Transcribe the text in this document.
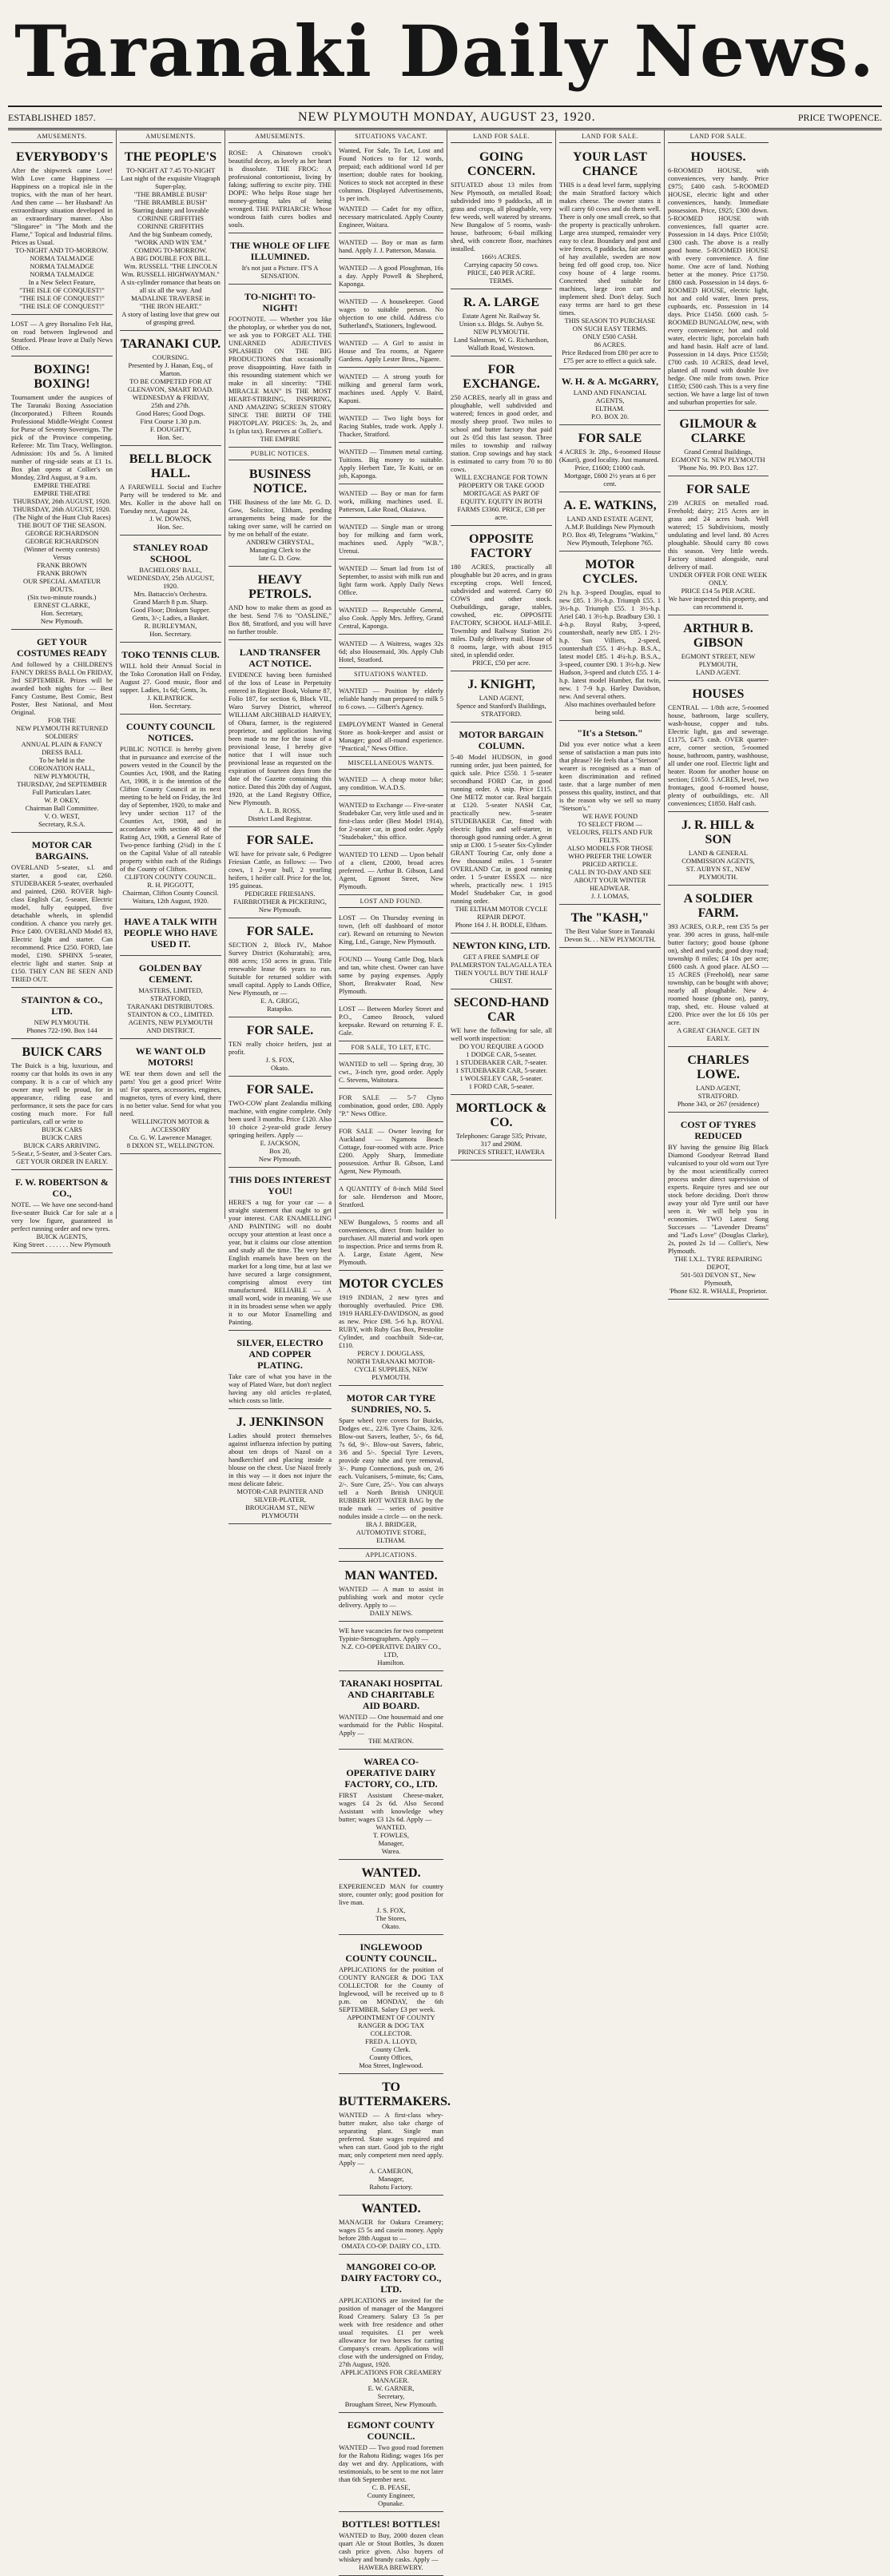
Taranaki Daily News.
ESTABLISHED 1857.	NEW PLYMOUTH MONDAY, AUGUST 23, 1920.	PRICE TWOPENCE.
AMUSEMENTS.
EVERYBODY'S
After the shipwreck came Love! With Love came Happiness — Happiness on a tropical isle in the tropics, with the man of her heart. And then came — her Husband! An extraordinary situation developed in an extraordinary manner. Also "Slingaree" in "The Moth and the Flame," Topical and Industrial films. Prices as Usual.
TO-NIGHT AND TO-MORROW.
NORMA TALMADGE
NORMA TALMADGE
NORMA TALMADGE
In a New Select Feature,
"THE ISLE OF CONQUEST!"
"THE ISLE OF CONQUEST!"
"THE ISLE OF CONQUEST!"
LOST — A grey Borsalino Felt Hat, on road between Inglewood and Stratford. Please leave at Daily News Office.
BOXING! BOXING!
Tournament under the auspices of The Taranaki Boxing Association (Incorporated.) Fifteen Rounds Professional Middle-Weight Contest for Purse of Seventy Sovereigns. The pick of the Province competing. Referee: Mr. Tim Tracy, Wellington. Admission: 10s and 5s. A limited number of ring-side seats at £1 1s. Box plan opens at Collier's on Monday, 23rd August, at 9 a.m.
EMPIRE THEATRE
EMPIRE THEATRE
THURSDAY, 26th AUGUST, 1920.
THURSDAY, 26th AUGUST, 1920.
(The Night of the Hunt Club Races)
THE BOUT OF THE SEASON.
GEORGE RICHARDSON
GEORGE RICHARDSON
(Winner of twenty contests)
Versus
FRANK BROWN
FRANK BROWN
OUR SPECIAL AMATEUR BOUTS.
(Six two-minute rounds.)
ERNEST CLARKE,
Hon. Secretary,
New Plymouth.
GET YOUR COSTUMES READY
And followed by a CHILDREN'S FANCY DRESS BALL On FRIDAY, 3rd SEPTEMBER. Prizes will be awarded both nights for — Best Fancy Costume, Best Comic, Best Poster, Best National, and Most Original.
FOR THE
NEW PLYMOUTH RETURNED
SOLDIERS'
ANNUAL PLAIN & FANCY
DRESS BALL
To be held in the
CORONATION HALL,
NEW PLYMOUTH,
THURSDAY, 2nd SEPTEMBER
Full Particulars Later.
W. P. OKEY,
Chairman Ball Committee.
V. O. WEST,
Secretary, R.S.A.
MOTOR CAR BARGAINS.
OVERLAND 5-seater, s.l. and starter, a good car, £260. STUDEBAKER 5-seater, overhauled and painted, £260. ROVER high-class English Car, 5-seater, Electric model, fully equipped, five detachable wheels, in splendid condition. A chance you rarely get. Price £400. OVERLAND Model 83, Electric light and starter. Can recommend. Price £250. FORD, late model, £190. SPHINX 5-seater, electric light and starter. Snip at £150. THEY CAN BE SEEN AND TRIED OUT.
STAINTON & CO., LTD.
NEW PLYMOUTH.
Phones 722-190. Box 144
BUICK CARS
The Buick is a big, luxurious, and roomy car that holds its own in any company. It is a car of which any owner may well be proud, for in appearance, riding ease and performance, it sets the pace for cars costing much more. For full particulars, call or write to
BUICK CARS
BUICK CARS
BUICK CARS ARRIVING.
5-Seat.r, 5-Seater, and 3-Seater Cars.
GET YOUR ORDER IN EARLY.
F. W. ROBERTSON & CO.,
NOTE. — We have one second-hand five-seater Buick Car for sale at a very low figure, guaranteed in perfect running order and new tyres.
BUICK AGENTS,
King Street . . . . . . . New Plymouth
AMUSEMENTS.
THE PEOPLE'S
TO-NIGHT AT 7.45 TO-NIGHT
Last night of the exquisite Vitagraph Super-play,
"THE BRAMBLE BUSH"
"THE BRAMBLE BUSH"
Starring dainty and loveable
CORINNE GRIFFITHS
CORINNE GRIFFITHS
And the big Sunbeam comedy,
"WORK AND WIN 'EM."
COMING TO-MORROW.
A BIG DOUBLE FOX BILL.
Wm. RUSSELL "THE LINCOLN
Wm. RUSSELL HIGHWAYMAN."
A six-cylinder romance that beats on all six all the way. And
MADALINE TRAVERSE in
"THE IRON HEART."
A story of lasting love that grew out of grasping greed.
TARANAKI CUP.
COURSING.
Presented by J. Hanan, Esq., of Marton.
TO BE COMPETED FOR AT
GLENAVON, SMART ROAD.
WEDNESDAY & FRIDAY,
25th and 27th.
Good Hares; Good Dogs.
First Course 1.30 p.m.
F. DOUGHTY,
Hon. Sec.
BELL BLOCK HALL.
A FAREWELL Social and Euchre Party will be tendered to Mr. and Mrs. Koller in the above hall on Tuesday next, August 24.
J. W. DOWNS,
Hon. Sec.
STANLEY ROAD SCHOOL
BACHELORS' BALL,
WEDNESDAY, 25th AUGUST, 1920.
Mrs. Battaccio's Orchestra.
Grand March 8 p.m. Sharp.
Good Floor; Dinkum Supper.
Gents, 3/-; Ladies, a Basket.
R. BURLEYMAN,
Hon. Secretary.
TOKO TENNIS CLUB.
WILL hold their Annual Social in the Toko Coronation Hall on Friday, August 27. Good music, floor and supper. Ladies, 1s 6d; Gents, 3s.
J. KILPATRICK.
Hon. Secretary.
COUNTY COUNCIL NOTICES.
PUBLIC NOTICE is hereby given that in pursuance and exercise of the powers vested in the Council by the Counties Act, 1908, and the Rating Act, 1908, it is the intention of the Clifton County Council at its next meeting to be held on Friday, the 3rd day of September, 1920, to make and levy under section 117 of the Counties Act, 1908, and in accordance with section 48 of the Rating Act, 1908, a General Rate of Two-pence farthing (2¼d) in the £ on the Capital Value of all rateable property within each of the Ridings of the County of Clifton.
CLIFTON COUNTY COUNCIL.
R. H. PIGGOTT,
Chairman, Clifton County Council.
Waitara, 12th August, 1920.
HAVE A TALK WITH PEOPLE WHO HAVE USED IT.
GOLDEN BAY CEMENT.
MASTERS, LIMITED,
STRATFORD,
TARANAKI DISTRIBUTORS.
STAINTON & CO., LIMITED.
AGENTS, NEW PLYMOUTH
AND DISTRICT.
WE WANT OLD MOTORS!
WE tear them down and sell the parts! You get a good price! Write us! For spares, accessories, engines, magnetos, tyres of every kind, there is no better value. Send for what you need.
WELLINGTON MOTOR & ACCESSORY
Co. G. W. Lawrence Manager.
8 DIXON ST., WELLINGTON.
AMUSEMENTS.
ROSE: A Chinatown crook's beautiful decoy, as lovely as her heart is dissolute. THE FROG: A professional contortionist, living by faking; suffering to excite pity. THE DOPE: Who helps Rose stage her money-getting tales of being wronged. THE PATRIARCH: Whose wondrous faith cures bodies and souls.
THE WHOLE OF LIFE ILLUMINED.
It's not just a Picture. IT'S A SENSATION.
TO-NIGHT! TO-NIGHT!
FOOTNOTE. — Whether you like the photoplay, or whether you do not, we ask you to FORGET ALL THE UNEARNED ADJECTIVES SPLASHED ON THE BIG PRODUCTIONS that occasionally prove disappointing. Have faith in this resounding statement which we make in all sincerity: "THE MIRACLE MAN" IS THE MOST HEART-STIRRING, INSPIRING, AND AMAZING SCREEN STORY SINCE THE BIRTH OF THE PHOTOPLAY. PRICES: 3s, 2s, and 1s (plus tax). Reserves at Collier's.
THE EMPIRE
PUBLIC NOTICES.
BUSINESS NOTICE.
THE Business of the late Mr. G. D. Gow, Solicitor, Eltham, pending arrangements being made for the taking over same, will be carried on by me on behalf of the estate.
ANDREW CHRYSTAL,
Managing Clerk to the
late G. D. Gow.
HEAVY PETROLS.
AND how to make them as good as the best. Send 7/6 to "OASLINE," Box 88, Stratford, and you will have no further trouble.
LAND TRANSFER ACT NOTICE.
EVIDENCE having been furnished of the loss of Lease in Perpetuity entered in Register Book, Volume 87, Folio 187, for section 6, Block VII., Waro Survey District, whereof WILLIAM ARCHIBALD HARVEY, of Ohura, farmer, is the registered proprietor, and application having been made to me for the issue of a provisional lease, I hereby give notice that I will issue such provisional lease as requested on the expiration of fourteen days from the date of the Gazette containing this notice. Dated this 20th day of August, 1920, at the Land Registry Office, New Plymouth.
A. L. B. ROSS,
District Land Registrar.
FOR SALE.
WE have for private sale, 6 Pedigree Friesian Cattle, as follows: — Two cows, 1 2-year bull, 2 yearling heifers, 1 heifer calf. Price for the lot, 195 guineas.
PEDIGREE FRIESIANS.
FAIRBROTHER & PICKERING,
New Plymouth.
FOR SALE.
SECTION 2, Block IV., Mahoe Survey District (Kohuratahi); area, 808 acres; 150 acres in grass. Title renewable lease 66 years to run. Suitable for returned soldier with small capital. Apply to Lands Office, New Plymouth, or —
E. A. GRIGG,
Ratapiko.
FOR SALE.
TEN really choice heifers, just at profit.
J. S. FOX,
Okato.
FOR SALE.
TWO-COW plant Zealandia milking machine, with engine complete. Only been used 3 months. Price £120. Also 10 choice 2-year-old grade Jersey springing heifers. Apply —
E. JACKSON,
Box 20,
New Plymouth.
THIS DOES INTEREST YOU!
HERE'S a tug for your car — a straight statement that ought to get your interest. CAR ENAMELLING AND PAINTING will no doubt occupy your attention at least once a year, but it claims our close attention and study all the time. The very best English enamels have been on the market for a long time, but at last we have secured a large consignment, comprising almost every tint manufactured. RELIABLE — A small word, wide in meaning. We use it in its broadest sense when we apply it to our Motor Enamelling and Painting.
SILVER, ELECTRO AND COPPER PLATING.
Take care of what you have in the way of Plated Ware, but don't neglect having any old articles re-plated, which costs so little.
J. JENKINSON
Ladies should protect themselves against influenza infection by putting about ten drops of Nazol on a handkerchief and placing inside a blouse on the chest. Use Nazol freely in this way — it does not injure the most delicate fabric.
MOTOR-CAR PAINTER AND SILVER-PLATER,
BROUGHAM ST., NEW PLYMOUTH
SITUATIONS VACANT.
Wanted, For Sale, To Let, Lost and Found Notices to for 12 words, prepaid; each additional word 1d per insertion; double rates for booking. Notices to stock not accepted in these columns. Displayed Advertisements, 1s per inch.
WANTED — Cadet for my office, necessary matriculated. Apply County Engineer, Waitara.
WANTED — Boy or man as farm hand. Apply J. J. Patterson, Manaia.
WANTED — A good Ploughman, 16s a day. Apply Powell & Shepherd, Kaponga.
WANTED — A housekeeper. Good wages to suitable person. No objection to one child. Address c/o Sutherland's, Stationers, Inglewood.
WANTED — A Girl to assist in House and Tea rooms, at Ngaere Gardens. Apply Lester Bros., Ngaere.
WANTED — A strong youth for milking and general farm work, machines used. Apply V. Baird, Kapuni.
WANTED — Two light boys for Racing Stables, trade work. Apply J. Thacker, Stratford.
WANTED — Tinsmen metal carting. Tuitions. Big money to suitable. Apply Herbert Tate, Te Kuiti, or on job, Kaponga.
WANTED — Boy or man for farm work, milking machines used. E. Patterson, Lake Road, Okaiawa.
WANTED — Single man or strong boy for milking and farm work, machines used. Apply "W.B.", Urenui.
WANTED — Smart lad from 1st of September, to assist with milk run and light farm work. Apply Daily News Office.
WANTED — Respectable General, also Cook. Apply Mrs. Jeffrey, Grand Central, Kaponga.
WANTED — A Waitress, wages 32s 6d; also Housemaid, 30s. Apply Club Hotel, Stratford.
SITUATIONS WANTED.
WANTED — Position by elderly reliable handy man prepared to milk 5 to 6 cows. — Gilbert's Agency.
EMPLOYMENT Wanted in General Store as book-keeper and assist or Manager; good all-round experience. "Practical," News Office.
MISCELLANEOUS WANTS.
WANTED — A cheap motor bike; any condition. W.A.D.S.
WANTED to Exchange — Five-seater Studebaker Car, very little used and in first-class order (Best Model 1914), for 2-seater car, in good order. Apply "Studebaker," this office.
WANTED TO LEND — Upon behalf of a client, £2000, broad acres preferred. — Arthur B. Gibson, Land Agent, Egmont Street, New Plymouth.
LOST AND FOUND.
LOST — On Thursday evening in town, (left off dashboard of motor car). Reward on returning to Newton King, Ltd., Garage, New Plymouth.
FOUND — Young Cattle Dog, black and tan, white chest. Owner can have same by paying expenses. Apply Short, Breakwater Road, New Plymouth.
LOST — Between Morley Street and P.O., Cameo Brooch, valued keepsake. Reward on returning F. E. Gale.
FOR SALE, TO LET, ETC.
WANTED to sell — Spring dray, 30 cwt., 3-inch tyre, good order. Apply C. Stevens, Waitotara.
FOR SALE — 5-7 Clyno combination, good order, £80. Apply "P." News Office.
FOR SALE — Owner leaving for Auckland — Ngamotu Beach Cottage, four-roomed with acre. Price £200. Apply Sharp, Immediate possession. Arthur B. Gibson, Land Agent, New Plymouth.
A QUANTITY of 8-inch Mild Steel for sale. Henderson and Moore, Stratford.
NEW Bungalows, 5 rooms and all conveniences, direct from builder to purchaser. All material and work open to inspection. Price and terms from R. A. Large, Estate Agent, New Plymouth.
MOTOR CYCLES
1919 INDIAN, 2 new tyres and thoroughly overhauled. Price £98. 1919 HARLEY-DAVIDSON, as good as new. Price £98. 5-6 h.p. ROYAL RUBY, with Ruby Gas Box, Prestolite Cylinder, and coachbuilt Side-car, £110.
PERCY J. DOUGLASS,
NORTH TARANAKI MOTOR-CYCLE SUPPLIES, NEW PLYMOUTH.
MOTOR CAR TYRE SUNDRIES, NO. 5.
Spare wheel tyre covers for Buicks, Dodges etc., 22/6. Tyre Chains, 32/6. Blow-out Savers, leather, 5/-, 6s 6d, 7s 6d, 9/-. Blow-out Savers, fabric, 3/6 and 5/-. Special Tyre Levers, provide easy tube and tyre removal, 3/-. Pump Connections, push on, 2/6 each. Vulcanisers, 5-minute, 6s; Cans, 2/-. Sure Cure, 25/-. You can always tell a North British UNIQUE RUBBER HOT WATER BAG by the trade mark — series of positive nodules inside a circle — on the neck.
IRA J. BRIDGER,
AUTOMOTIVE STORE,
ELTHAM.
APPLICATIONS.
MAN WANTED.
WANTED — A man to assist in publishing work and motor cycle delivery. Apply to —
DAILY NEWS.
WE have vacancies for two competent Typiste-Stenographers. Apply —
N.Z. CO-OPERATIVE DAIRY CO., LTD,
Hamilton.
TARANAKI HOSPITAL AND CHARITABLE AID BOARD.
WANTED — One housemaid and one wardsmaid for the Public Hospital. Apply —
THE MATRON.
WAREA CO-OPERATIVE DAIRY FACTORY, CO., LTD.
FIRST Assistant Cheese-maker, wages £4 2s 6d. Also Second Assistant with knowledge whey butter; wages £3 12s 6d. Apply —
WANTED.
T. FOWLES,
Manager,
Warea.
WANTED.
EXPERIENCED MAN for country store, counter only; good position for live man.
J. S. FOX,
The Stores,
Okato.
INGLEWOOD COUNTY COUNCIL.
APPLICATIONS for the position of COUNTY RANGER & DOG TAX COLLECTOR for the County of Inglewood, will be received up to 8 p.m. on MONDAY, the 6th SEPTEMBER. Salary £3 per week.
APPOINTMENT OF COUNTY RANGER & DOG TAX COLLECTOR.
FRED A. LLOYD,
County Clerk.
County Offices,
Moa Street, Inglewood.
TO BUTTERMAKERS.
WANTED — A first-class whey-butter maker, also take charge of separating plant. Single man preferred. State wages required and when can start. Good job to the right man; only competent men need apply. Apply —
A. CAMERON,
Manager,
Rahotu Factory.
WANTED.
MANAGER for Oakura Creamery; wages £5 5s and casein money. Apply before 28th August to —
OMATA CO-OP. DAIRY CO., LTD.
MANGOREI CO-OP. DAIRY FACTORY CO., LTD.
APPLICATIONS are invited for the position of manager of the Mangorei Road Creamery. Salary £3 5s per week with free residence and other usual requisites. £1 per week allowance for two horses for carting Company's cream. Applications will close with the undersigned on Friday, 27th August, 1920.
APPLICATIONS FOR CREAMERY MANAGER.
E. W. GARNER,
Secretary,
Brougham Street, New Plymouth.
EGMONT COUNTY COUNCIL.
WANTED — Two good road foremen for the Rahotu Riding; wages 16s per day wet and dry. Applications, with testimonials, to be sent to me not later than 6th September next.
C. B. PEASE,
County Engineer,
Opunake.
BOTTLES! BOTTLES!
WANTED to Buy, 2000 dozen clean quart Ale or Stout Bottles, 3s dozen cash price given. Also buyers of whiskey and brandy casks. Apply —
HAWERA BREWERY.
LAND FOR SALE.
GOING CONCERN.
SITUATED about 13 miles from New Plymouth, on metalled Road; subdivided into 9 paddocks, all in grass and crops, all ploughable, very few weeds, well watered by streams. New Bungalow of 5 rooms, wash-house, bathroom; 6-bail milking shed, with concrete floor, machines installed.
166½ ACRES.
Carrying capacity 50 cows.
PRICE, £40 PER ACRE.
TERMS.
R. A. LARGE
Estate Agent Nr. Railway St.
Union s.s. Bldgs. St. Aubyn St.
NEW PLYMOUTH.
Land Salesman, W. G. Richardson,
Wallath Road, Westown.
FOR EXCHANGE.
250 ACRES, nearly all in grass and ploughable, well subdivided and watered; fences in good order, and mostly sheep proof. Two miles to school and butter factory that paid out 2s 05d this last season. Three miles to township and railway station. Crop sowings and hay stack is estimated to carry from 70 to 80 cows.
WILL EXCHANGE FOR TOWN PROPERTY OR TAKE GOOD MORTGAGE AS PART OF EQUITY. EQUITY IN BOTH FARMS £3360. PRICE, £38 per acre.
OPPOSITE FACTORY
180 ACRES, practically all ploughable but 20 acres, and in grass excepting crops. Well fenced, subdivided and watered. Carry 60 COWS and other stock. Outbuildings, garage, stables, cowshed, etc. OPPOSITE FACTORY, SCHOOL HALF-MILE. Township and Railway Station 2½ miles. Daily delivery mail. House of 8 rooms, large, with about 1915 sited, in splendid order.
PRICE, £50 per acre.
J. KNIGHT,
LAND AGENT,
Spence and Stanford's Buildings,
STRATFORD.
MOTOR BARGAIN COLUMN.
5-40 Model HUDSON, in good running order, just been painted, for quick sale. Price £550. 1 5-seater secondhand FORD Car, in good running order. A snip. Price £115. One METZ motor car. Real bargain at £120. 5-seater NASH Car, practically new. 5-seater STUDEBAKER Car, fitted with electric lights and self-starter, in thorough good running order. A great snip at £300. 1 5-seater Six-Cylinder GRANT Touring Car, only done a few thousand miles. 1 5-seater OVERLAND Car, in good running order. 1 5-seater ESSEX — nice wheels, practically new. 1 1915 Model Studebaker Car, in good running order.
THE ELTHAM MOTOR CYCLE REPAIR DEPOT.
Phone 164 J. H. BODLE, Eltham.
NEWTON KING, LTD.
GET A FREE SAMPLE OF
PALMERSTON TALAGALLA TEA
THEN YOU'LL BUY THE HALF CHEST.
SECOND-HAND CAR
WE have the following for sale, all well worth inspection:
DO YOU REQUIRE A GOOD
1 DODGE CAR, 5-seater.
1 STUDEBAKER CAR, 7-seater.
1 STUDEBAKER CAR, 5-seater.
1 WOLSELEY CAR, 5-seater.
1 FORD CAR, 5-seater.
MORTLOCK & CO.
Telephones: Garage 535; Private, 317 and 290M.
PRINCES STREET, HAWERA
LAND FOR SALE.
YOUR LAST CHANCE
THIS is a dead level farm, supplying the main Stratford factory which makes cheese. The owner states it will carry 60 cows and do them well. There is only one small creek, so that the property is practically unbroken. Large area stumped, remainder very easy to clear. Boundary and post and wire fences, 8 paddocks, fair amount of hay available, sweden are now being fed off good crop, too. Nice cosy house of 4 large rooms. Concreted shed suitable for machines, large iron cart and implement shed. Don't delay. Such easy terms are hard to get these times.
THIS SEASON TO PURCHASE ON SUCH EASY TERMS.
ONLY £500 CASH.
86 ACRES.
Price Reduced from £80 per acre to £75 per acre to effect a quick sale.
W. H. & A. McGARRY,
LAND AND FINANCIAL AGENTS,
ELTHAM.
P.O. BOX 20.
FOR SALE
4 ACRES 3r. 28p., 6-roomed House (Kauri), good locality. Just manured.
Price, £1600; £1000 cash.
Mortgage, £600 2½ years at 6 per cent.
A. E. WATKINS,
LAND AND ESTATE AGENT,
A.M.P. Buildings New Plymouth
P.O. Box 49, Telegrams "Watkins," New Plymouth, Telephone 765.
MOTOR CYCLES.
2¾ h.p. 3-speed Douglas, equal to new £85. 1 3½-h.p. Triumph £55. 1 3½-h.p. Triumph £55. 1 3½-h.p. Ariel £40. 1 3½-h.p. Bradbury £30. 1 4-h.p. Royal Ruby, 3-speed, countershaft, nearly new £85. 1 2½-h.p. Sun Villiers, 2-speed, countershaft £55. 1 4½-h.p. B.S.A., latest model £85. 1 4¼-h.p. B.S.A., 3-speed, counter £90. 1 3½-h.p. New Hudson, 3-speed and clutch £55. 1 4-h.p. latest model Humber, flat twin, new. 1 7-9 h.p. Harley Davidson, new. And several others.
Also machines overhauled before being sold.
"It's a Stetson."
Did you ever notice what a keen sense of satisfaction a man puts into that phrase? He feels that a "Stetson" wearer is recognised as a man of keen discrimination and refined taste. that a large number of men possess this quality, instinct, and that is the reason why we sell so many "Stetson's."
WE HAVE FOUND
TO SELECT FROM —
VELOURS, FELTS AND FUR FELTS.
ALSO MODELS FOR THOSE WHO PREFER THE LOWER PRICED ARTICLE.
CALL IN TO-DAY AND SEE ABOUT YOUR WINTER HEADWEAR.
J. J. LOMAS,
The "KASH,"
The Best Value Store in Taranaki
Devon St. . . NEW PLYMOUTH.
LAND FOR SALE.
HOUSES.
6-ROOMED HOUSE, with conveniences, very handy. Price £975; £400 cash. 5-ROOMED HOUSE, electric light and other conveniences, handy. Immediate possession. Price, £925; £300 down. 5-ROOMED HOUSE with conveniences, full quarter acre. Possession in 14 days. Price £1050; £300 cash. The above is a really good home. 5-ROOMED HOUSE with every convenience. A fine home. One acre of land. Nothing better at the money. Price £1750. £800 cash. Possession in 14 days. 6-ROOMED HOUSE, electric light, hot and cold water, linen press, cupboards, etc. Possession in 14 days. Price £1450. £600 cash. 5-ROOMED BUNGALOW, new, with every convenience; hot and cold water, electric light, porcelain bath and hand basin. Half acre of land. Possession in 14 days. Price £1550; £700 cash. 10 ACRES, dead level, planted all round with double live hedge. One mile from town. Price £1850; £500 cash. This is a very fine section. We have a large list of town and suburban properties for sale.
GILMOUR & CLARKE
Grand Central Buildings,
EGMONT St. NEW PLYMOUTH
'Phone No. 99. P.O. Box 127.
FOR SALE
239 ACRES on metalled road. Freehold; dairy; 215 Acres are in grass and 24 acres bush. Well watered; 15 Subdivisions, mostly undulating and level land. 80 Acres ploughable. Should carry 80 cows this season. Very little weeds. Factory situated alongside, rural delivery of mail.
UNDER OFFER FOR ONE WEEK ONLY.
PRICE £14 5s PER ACRE.
We have inspected this property, and can recommend it.
ARTHUR B. GIBSON
EGMONT STREET, NEW PLYMOUTH,
LAND AGENT.
HOUSES
CENTRAL — 1/8th acre, 5-roomed house, bathroom, large scullery, wash-house, copper and tubs. Electric light, gas and sewerage. £1175, £475 cash. OVER quarter-acre, corner section, 5-roomed house, bathroom, pantry, washhouse, all under one roof. Electric light and heater. Room for another house on section; £1650. 5 ACRES, level, two frontages, good 6-roomed house, plenty of outbuildings, etc. All conveniences; £1850. Half cash.
J. R. HILL & SON
LAND & GENERAL COMMISSION AGENTS,
ST. AUBYN ST., NEW PLYMOUTH.
A SOLDIER FARM.
393 ACRES, O.R.P., rent £35 5s per year. 390 acres in grass, half-mile butter factory; good house (phone on), shed and yards; good dray road; township 8 miles; £4 10s per acre; £600 cash. A good place. ALSO — 15 ACRES (Freehold), near same township, can be bought with above; nearly all ploughable. New 4-roomed house (phone on), pantry, trap, shed, etc. House valued at £200. Price over the lot £6 10s per acre.
A GREAT CHANCE. GET IN EARLY.
CHARLES LOWE.
LAND AGENT,
STRATFORD.
Phone 343, or 267 (residence)
COST OF TYRES REDUCED
BY having the genuine Big Black Diamond Goodyear Retread Band vulcanised to your old worn out Tyre by the most scientifically correct process under direct supervision of experts. Require tyres and see our stock before deciding. Don't throw away your old Tyre until our have seen it. We will help you in economies. TWO Latest Song Successes — "Lavender Dreams" and "Lad's Love" (Douglas Clarke), 2s, posted 2s 1d — Collier's, New Plymouth.
THE I.X.L. TYRE REPAIRING DEPOT,
501-503 DEVON ST., New Plymouth,
'Phone 632. R. WHALE, Proprietor.
